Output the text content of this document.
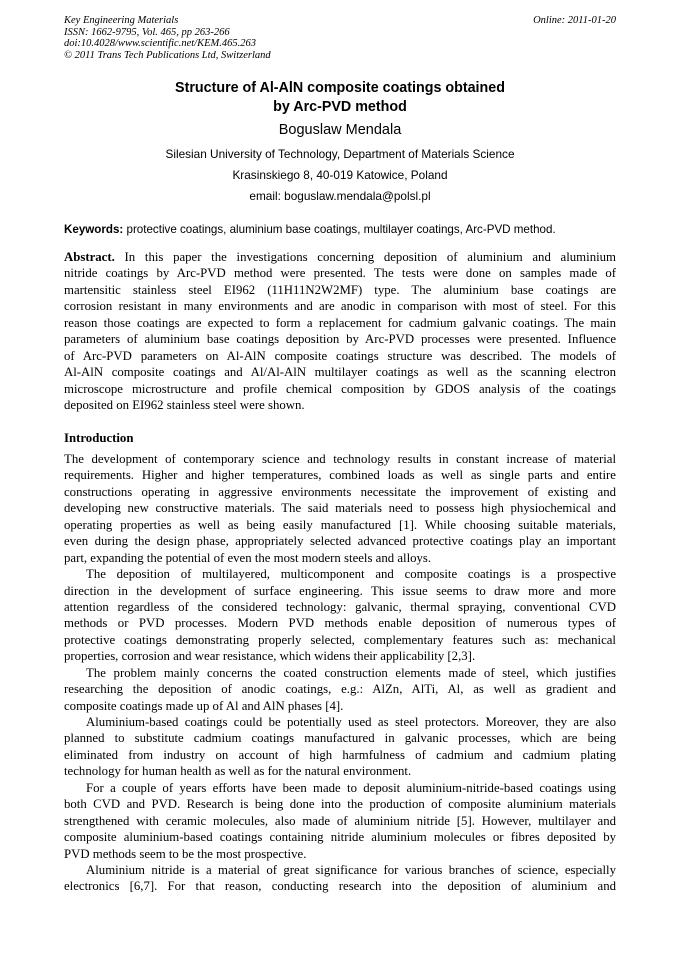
Key Engineering Materials
ISSN: 1662-9795, Vol. 465, pp 263-266
doi:10.4028/www.scientific.net/KEM.465.263
© 2011 Trans Tech Publications Ltd, Switzerland
Online: 2011-01-20
Structure of Al-AlN composite coatings obtained
by Arc-PVD method
Boguslaw Mendala
Silesian University of Technology, Department of Materials Science
Krasinskiego 8, 40-019 Katowice, Poland
email: boguslaw.mendala@polsl.pl
Keywords: protective coatings, aluminium base coatings, multilayer coatings, Arc-PVD method.
Abstract. In this paper the investigations concerning deposition of aluminium and aluminium
nitride coatings by Arc-PVD method were presented. The tests were done on samples made of
martensitic stainless steel EI962 (11H11N2W2MF) type. The aluminium base coatings are
corrosion resistant in many environments and are anodic in comparison with most of steel. For this
reason those coatings are expected to form a replacement for cadmium galvanic coatings. The main
parameters of aluminium base coatings deposition by Arc-PVD processes were presented. Influence
of Arc-PVD parameters on Al-AlN composite coatings structure was described. The models of
Al-AlN composite coatings and Al/Al-AlN multilayer coatings as well as the scanning electron
microscope microstructure and profile chemical composition by GDOS analysis of the coatings
deposited on EI962 stainless steel were shown.
Introduction
The development of contemporary science and technology results in constant increase of material
requirements. Higher and higher temperatures, combined loads as well as single parts and entire
constructions operating in aggressive environments necessitate the improvement of existing and
developing new constructive materials. The said materials need to possess high physiochemical and
operating properties as well as being easily manufactured [1]. While choosing suitable materials,
even during the design phase, appropriately selected advanced protective coatings play an important
part, expanding the potential of even the most modern steels and alloys.
The deposition of multilayered, multicomponent and composite coatings is a prospective
direction in the development of surface engineering. This issue seems to draw more and more
attention regardless of the considered technology: galvanic, thermal spraying, conventional CVD
methods or PVD processes. Modern PVD methods enable deposition of numerous types of
protective coatings demonstrating properly selected, complementary features such as: mechanical
properties, corrosion and wear resistance, which widens their applicability [2,3].
The problem mainly concerns the coated construction elements made of steel, which justifies
researching the deposition of anodic coatings, e.g.: AlZn, AlTi, Al, as well as gradient and
composite coatings made up of Al and AlN phases [4].
Aluminium-based coatings could be potentially used as steel protectors. Moreover, they are also
planned to substitute cadmium coatings manufactured in galvanic processes, which are being
eliminated from industry on account of high harmfulness of cadmium and cadmium plating
technology for human health as well as for the natural environment.
For a couple of years efforts have been made to deposit aluminium-nitride-based coatings using
both CVD and PVD. Research is being done into the production of composite aluminium materials
strengthened with ceramic molecules, also made of aluminium nitride [5]. However, multilayer and
composite aluminium-based coatings containing nitride aluminium molecules or fibres deposited by
PVD methods seem to be the most prospective.
Aluminium nitride is a material of great significance for various branches of science, especially
electronics [6,7]. For that reason, conducting research into the deposition of aluminium and
